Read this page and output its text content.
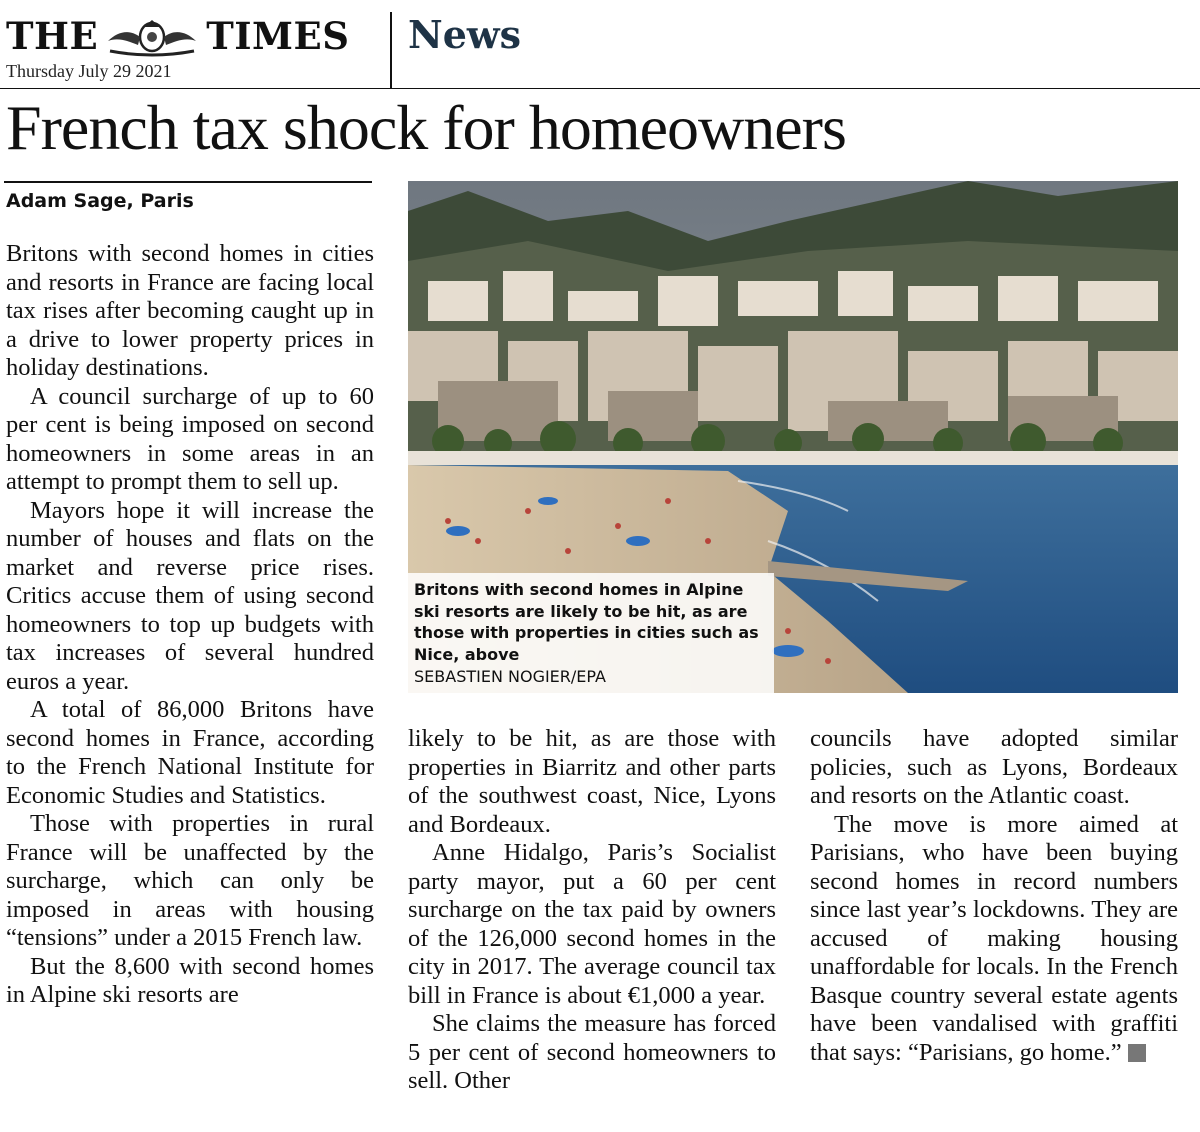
THE	TIMES
Thursday July 29 2021
News
French tax shock for homeowners
Adam Sage, Paris

Britons with second homes in cities and resorts in France are facing local tax rises after becoming caught up in a drive to lower property prices in holiday destinations.

A council surcharge of up to 60 per cent is being imposed on second homeowners in some areas in an attempt to prompt them to sell up.

Mayors hope it will increase the number of houses and flats on the market and reverse price rises. Critics accuse them of using second homeowners to top up budgets with tax increases of several hundred euros a year.

A total of 86,000 Britons have second homes in France, according to the French National Institute for Economic Studies and Statistics.

Those with properties in rural France will be unaffected by the surcharge, which can only be imposed in areas with housing “tensions” under a 2015 French law.

But the 8,600 with second homes in Alpine ski resorts are

Britons with second homes in Alpine ski resorts are likely to be hit, as are those with properties in cities such as Nice, above
SEBASTIEN NOGIER/EPA

likely to be hit, as are those with properties in Biarritz and other parts of the southwest coast, Nice, Lyons and Bordeaux.

Anne Hidalgo, Paris’s Socialist party mayor, put a 60 per cent surcharge on the tax paid by owners of the 126,000 second homes in the city in 2017. The average council tax bill in France is about €1,000 a year.

She claims the measure has forced 5 per cent of second homeowners to sell. Other

councils have adopted similar policies, such as Lyons, Bordeaux and resorts on the Atlantic coast.

The move is more aimed at Parisians, who have been buying second homes in record numbers since last year’s lockdowns. They are accused of making housing unaffordable for locals. In the French Basque country several estate agents have been vandalised with graffiti that says: “Parisians, go home.”
